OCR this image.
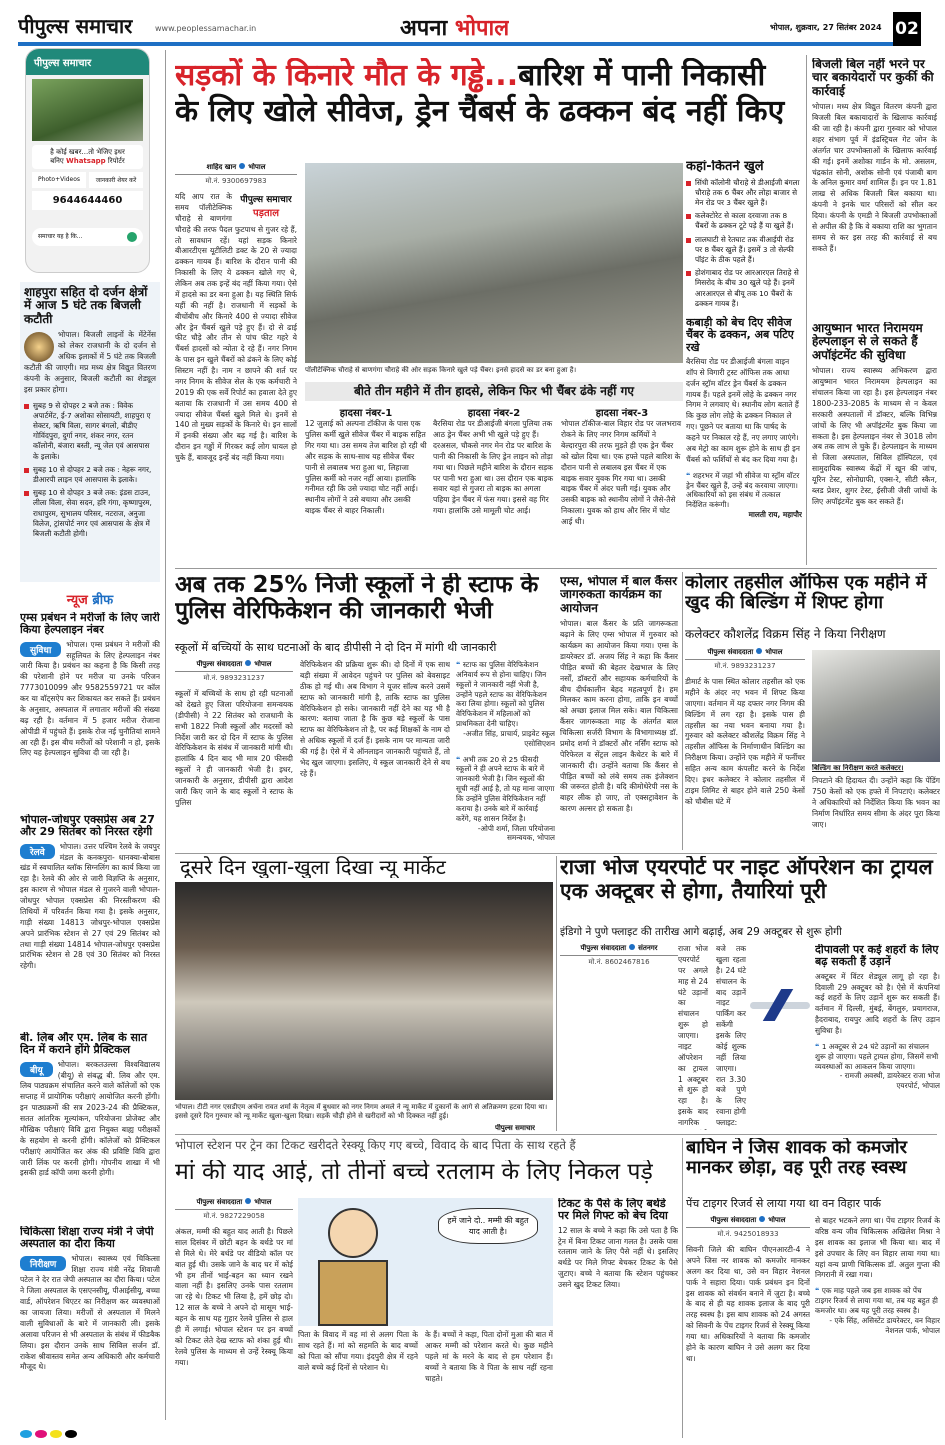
पीपुल्स समाचार	www.peoplessamachar.in	अपना भोपाल	भोपाल, शुक्रवार, 27 सितंबर 2024 02
पीपुल्स समाचार
है कोई खबर...तो भेजिए इधर
बनिए Whatsapp रिपोर्टर
Photo+Videos	जानकारी शेयर करें
9644644460
समाचार यह है कि...
शाहपुरा सहित दो दर्जन क्षेत्रों में आज 5 घंटे तक बिजली कटौती
भोपाल। बिजली लाइनों के मेंटेनेंस को लेकर राजधानी के दो दर्जन से अधिक इलाकों में 5 घंटे तक बिजली कटौती की जाएगी। मप्र मध्य क्षेत्र विद्युत वितरण कंपनी के अनुसार, बिजली कटौती का शेड्यूल इस प्रकार होगा।
सुबह 9 से दोपहर 2 बजे तक : विवेक अपार्टमेंट, ई-7 अशोका सोसायटी, शाहपुरा ए सेक्टर, ऋषि विला, सागर बंगलो, बीडीए गोविंदपुरा, दुर्गा नगर, शंकर नगर, रतन कॉलोनी, बंजारा बस्ती, न्यू जेल एवं आसपास के इलाके।
सुबह 10 से दोपहर 2 बजे तक : नेहरू नगर, डीआरपी लाइन एवं आसपास के इलाके।
सुबह 10 से दोपहर 3 बजे तक: इंडस टाउन, लीला विला, सेवा सदन, हरि गंगा, कृष्णापुरम, राधापुरम, सुभालय परिसर, नटराज, अनुजा विलेज, ट्रांसपोर्ट नगर एवं आसपास के क्षेत्र में बिजली कटौती होगी।
न्यूज ब्रीफ
एम्स प्रबंधन ने मरीजों के लिए जारी किया हेल्पलाइन नंबर
सुविधा
भोपाल। एम्स प्रबंधन ने मरीजों की सहूलियत के लिए हेल्पलाइन नंबर जारी किया है। प्रबंधन का कहना है कि किसी तरह की परेशानी होने पर मरीज या उनके परिजन 7773010099 और 9582559721 पर कॉल कर या वॉट्सऐप कर शिकायत कर सकते हैं। प्रबंधन के अनुसार, अस्पताल में लगातार मरीजों की संख्या बढ़ रही है। वर्तमान में 5 हजार मरीज रोजाना ओपीडी में पहुंचते हैं। इसके रोज नई चुनौतियां सामने आ रही हैं। इस बीच मरीजों को परेशानी न हो, इसके लिए यह हेल्पलाइन सुविधा दी जा रही है।
भोपाल-जोधपुर एक्सप्रेस अब 27 और 29 सितंबर को निरस्त रहेगी
रेलवे
भोपाल। उत्तर पश्चिम रेलवे के जयपुर मंडल के कनकपुरा- धानक्या-बोबास खंड में स्वचालित ब्लॉक सिग्नलिंग का कार्य किया जा रहा है। रेलवे की ओर से जारी विज्ञप्ति के अनुसार, इस कारण से भोपाल मंडल से गुजरने वाली भोपाल-जोधपुर भोपाल एक्सप्रेस की निरस्तीकरण की तिथियों में परिवर्तन किया गया है। इसके अनुसार, गाड़ी संख्या 14813 जोधपुर-भोपाल एक्सप्रेस अपने प्रारंभिक स्टेशन से 27 एवं 29 सितंबर को तथा गाड़ी संख्या 14814 भोपाल-जोधपुर एक्सप्रेस प्रारंभिक स्टेशन से 28 एवं 30 सितंबर को निरस्त रहेगी।
बी. लिब और एम. लिब के सात दिन में कराने होंगे प्रैक्टिकल
बीयू
भोपाल। बरकतउल्ला विश्वविद्यालय (बीयू) से संबद्ध बी. लिब और एम. लिब पाठ्यक्रम संचालित करने वाले कॉलेजों को एक सप्ताह में प्रायोगिक परीक्षाएं आयोजित करनी होंगी। इन पाठ्यक्रमों की सत्र 2023-24 की प्रैक्टिकल, सतत आंतरिक मूल्यांकन, परियोजना प्रोजेक्ट और मौखिक परीक्षाएं विवि द्वारा नियुक्त बाह्य परीक्षकों के सहयोग से करनी होंगी। कॉलेजों को प्रैक्टिकल परीक्षाएं आयोजित कर अंक की प्रविष्टि विवि द्वारा जारी लिंक पर करनी होगी। गोपनीय शाखा में भी इसकी हार्ड कॉपी जमा करनी होगी।
चिकित्सा शिक्षा राज्य मंत्री ने जेपी अस्पताल का दौरा किया
निरीक्षण
भोपाल। स्वास्थ्य एवं चिकित्सा शिक्षा राज्य मंत्री नरेंद्र शिवाजी पटेल ने देर रात जेपी अस्पताल का दौरा किया। पटेल ने जिला अस्पताल के एसएनसीयू, पीआईसीयू, बच्चा वार्ड, ऑपरेशन थिएटर का निरीक्षण कर व्यवस्थाओं का जायजा लिया। मरीजों से अस्पताल में मिलने वाली सुविधाओं के बारे में जानकारी ली। इसके अलावा परिजन से भी अस्पताल के संबंध में फीडबैक लिया। इस दौरान उनके साथ सिविल सर्जन डॉ. राकेश श्रीवास्तव समेत अन्य अधिकारी और कर्मचारी मौजूद थे।
सड़कों के किनारे मौत के गड्ढे...बारिश में पानी निकासी
के लिए खोले सीवेज, ड्रेन चैंबर्स के ढक्कन बंद नहीं किए
शाहिद खान भोपाल
मो.नं. 9300697983
पीपुल्स समाचार
पड़ताल
यदि आप रात के समय पॉलीटेक्निक चौराहे से बाणगंगा चौराहे की तरफ पैदल फुटपाथ से गुजर रहे हैं, तो सावधान रहें। यहां सड़क किनारे बीआरटीएस यूटीलिटी डक्ट के 20 से ज्यादा ढक्कन गायब हैं। बारिश के दौरान पानी की निकासी के लिए ये ढक्कन खोले गए थे, लेकिन अब तक इन्हें बंद नहीं किया गया। ऐसे में हादसे का डर बना हुआ है। यह स्थिति सिर्फ यहीं की नहीं है। राजधानी में सड़कों के बीचोंबीच और किनारे 400 से ज्यादा सीवेज और ड्रेन चैंबर्स खुले पड़े हुए हैं। दो से ढाई फीट चौड़े और तीन से पांच फीट गहरे ये चैंबर्स हादसों को न्योता दे रहे हैं। नगर निगम के पास इन खुले चैंबरों को ढंकने के लिए कोई सिस्टम नहीं है। नाम न छापने की शर्त पर नगर निगम के सीवेज सेल के एक कर्मचारी ने 2019 की एक सर्वे रिपोर्ट का हवाला देते हुए बताया कि राजधानी में उस समय 400 से ज्यादा सीवेज चैंबर्स खुले मिले थे। इनमें से 140 तो मुख्य सड़कों के किनारे थे। इन सालों में इनकी संख्या और बढ़ गई है। बारिश के दौरान इन गड्ढों में गिरकर कई लोग घायल हो चुके हैं, बावजूद इन्हें बंद नहीं किया गया।
पॉलीटेक्निक चौराहे से बाणगंगा चौराहे की ओर सड़क किनारे खुले पड़े चैंबर। इनसे हादसे का डर बना हुआ है।
बीते तीन महीने में तीन हादसे, लेकिन फिर भी चैंबर ढंके नहीं गए
हादसा नंबर-1
12 जुलाई को अल्पना टॉकीज के पास एक पुलिस कर्मी खुले सीवेज चैंबर में बाइक सहित गिर गया था। उस समय तेज बारिश हो रही थी और सड़क के साथ-साथ यह सीवेज चैंबर पानी से लबालब भरा हुआ था, लिहाजा पुलिस कर्मी को नजर नहीं आया। हालांकि गनीमत रही कि उसे ज्यादा चोट नहीं आई। स्थानीय लोगों ने उसे बचाया और उसकी बाइक चैंबर से बाहर निकाली।
हादसा नंबर-2
बैरसिया रोड पर डीआईजी बंगला पुलिया तक आठ ड्रेन चैंबर अभी भी खुले पड़े हुए हैं। दरअसल, चौकसे नगर मेन रोड पर बारिश के पानी की निकासी के लिए ड्रेन लाइन को तोड़ा गया था। पिछले महीने बारिश के दौरान सड़क पर पानी भरा हुआ था। उस दौरान एक बाइक सवार यहां से गुजरा तो बाइक का अगला पहिया ड्रेन चैंबर में फंस गया। इससे वह गिर गया। हालांकि उसे मामूली चोट आई।
हादसा नंबर-3
भोपाल टॉकीज-बाल विहार रोड पर जलभराव रोकने के लिए नगर निगम कर्मियों ने बेल्दारपुरा की तरफ मुड़ते ही एक ड्रेन चैंबर को खोल दिया था। एक हफ्ते पहले बारिश के दौरान पानी से लबालब इस चैंबर में एक बाइक सवार युवक गिर गया था। उसकी बाइक चैंबर में अंदर चली गई। युवक और उसकी बाइक को स्थानीय लोगों ने जैसे-तैसे निकाला। युवक को हाथ और सिर में चोट आई थी।
कहां-कितने खुले
सिंधी कॉलोनी चौराहे से डीआईजी बंगला चौराहे तक 6 चैंबर और लोहा बाजार से मेन रोड पर 3 चैंबर खुले हैं।
कलेक्टोरेट से काला दरवाजा तक 8 चैंबरों के ढक्कन टूटे पड़े हैं या खुले हैं।
लालघाटी से रेतघाट तक वीआईपी रोड पर 8 चैंबर खुले हैं। इसमें 3 तो सेल्फी पॉइंट के ठीक पहले हैं।
होशंगाबाद रोड पर आरआरएल तिराहे से मिसरोद के बीच 30 खुले पड़े हैं। इनमें आरआरएल से बीयू तक 10 चैंबरों के ढक्कन गायब हैं।
कबाड़ी को बेच दिए सीवेज चैंबर के ढक्कन, अब पटिए रखे
बैरसिया रोड पर डीआईजी बंगला वाइन शॉप से विगारी ट्रस्ट ऑफिस तक आधा दर्जन स्ट्रॉम वॉटर ड्रेन चैंबर्स के ढक्कन गायब हैं। पहले इनमें लोहे के ढक्कन नगर निगम ने लगवाए थे। स्थानीय लोग बताते हैं कि कुछ लोग लोहे के ढक्कन निकाल ले गए। पूछने पर बताया था कि पार्षद के कहने पर निकाल रहे हैं, नए लगाए जाएंगे। अब मेट्रो का काम शुरू होने के साथ ही इन चैंबर्स को फर्शियों से बंद कर दिया गया है।
❝ शहरभर में जहां भी सीवेज या स्ट्रॉम वॉटर ड्रेन चैंबर खुले हैं, उन्हें बंद करवाया जाएगा। अधिकारियों को इस संबंध में तत्काल निर्देशित करूंगी।
मालती राय, महापौर
बिजली बिल नहीं भरने पर चार बकायेदारों पर कुर्की की कार्रवाई
भोपाल। मध्य क्षेत्र विद्युत वितरण कंपनी द्वारा बिजली बिल बकायादारों के खिलाफ कार्रवाई की जा रही है। कंपनी द्वारा गुरुवार को भोपाल शहर संभाग पूर्व में इंडस्ट्रियल गेट जोन के अंतर्गत चार उपभोक्ताओं के खिलाफ कार्रवाई की गई। इनमें अशोका गार्डन के मो. असलम, चंद्रकांत सोनी, अशोक सोनी एवं पंजाबी बाग के अनिल कुमार वर्मा शामिल हैं। इन पर 1.81 लाख से अधिक बिजली बिल बकाया था। कंपनी ने इनके चार परिसरों को सील कर दिया। कंपनी के एमडी ने बिजली उपभोक्ताओं से अपील की है कि वे बकाया राशि का भुगतान समय से कर इस तरह की कार्रवाई से बच सकते हैं।
आयुष्मान भारत निरामयम हेल्पलाइन से ले सकते हैं अपॉइंटमेंट की सुविधा
भोपाल। राज्य स्वास्थ्य अभिकरण द्वारा आयुष्मान भारत निरामयम हेल्पलाइन का संचालन किया जा रहा है। इस हेल्पलाइन नंबर 1800-233-2085 के माध्यम से न केवल सरकारी अस्पतालों में डॉक्टर, बल्कि विभिन्न जांचों के लिए भी अपॉइंटमेंट बुक किया जा सकता है। इस हेल्पलाइन नंबर से 3018 लोग अब तक लाभ ले चुके हैं। हेल्पलाइन के माध्यम से जिला अस्पताल, सिविल हॉस्पिटल, एवं सामुदायिक स्वास्थ्य केंद्रों में खून की जांच, यूरिन टेस्ट, सोनोग्राफी, एक्स-रे, सीटी स्कैन, ब्लड प्रेशर, शुगर टेस्ट, ईसीजी जैसी जांचों के लिए अपॉइंटमेंट बुक कर सकते हैं।
अब तक 25% निजी स्कूलों ने ही स्टाफ के पुलिस वेरिफिकेशन की जानकारी भेजी
स्कूलों में बच्चियों के साथ घटनाओं के बाद डीपीसी ने दो दिन में मांगी थी जानकारी
पीपुल्स संवाददाता भोपाल
मो.नं. 9893231237
स्कूलों में बच्चियों के साथ हो रही घटनाओं को देखते हुए जिला परियोजना समन्वयक (डीपीसी) ने 22 सितंबर को राजधानी के सभी 1822 निजी स्कूलों और मदरसों को निर्देश जारी कर दो दिन में स्टाफ के पुलिस वेरिफिकेशन के संबंध में जानकारी मांगी थी। हालांकि 4 दिन बाद भी मात्र 20 फीसदी स्कूलों ने ही जानकारी भेजी है। इधर, जानकारी के अनुसार, डीपीसी द्वारा आदेश जारी किए जाने के बाद स्कूलों ने स्टाफ के पुलिस
वेरिफिकेशन की प्रक्रिया शुरू की। दो दिनों में एक साथ बड़ी संख्या में आवेदन पहुंचने पर पुलिस को बेवसाइट ठीक हो गई थी। अब विभाग ने यूजर सॉल्व करने उसमें स्टाफ को जानकारी मांगी है, ताकि स्टाफ का पुलिस वेरिफिकेशन हो सके। जानकारी नहीं देने का यह भी है कारण: बताया जाता है कि कुछ बड़े स्कूलों के पास स्टाफ का वेरिफिकेशन तो है, पर कई शिक्षकों के नाम दो से अधिक स्कूलों में दर्ज हैं। इसके नाम पर मान्यता जारी की गई है। ऐसे में ये ऑनलाइन जानकारी पहुंचाते हैं, तो भेद खुल जाएगा। इसलिए, ये स्कूल जानकारी देने से बच रहे हैं।
❝ स्टाफ का पुलिस वेरिफिकेशन अनिवार्य रूप से होना चाहिए। जिन स्कूलों ने जानकारी नहीं भेजी है, उन्होंने पहले स्टाफ का वेरिफिकेशन करा लिया होगा। स्कूलों को पुलिस वेरिफिकेशन में महिलाओं को प्राथमिकता देनी चाहिए।
-अजीत सिंह, प्राचार्य, प्राइवेट स्कूल एसोसिएशन
❝ अभी तक 20 से 25 फीसदी स्कूलों ने ही अपने स्टाफ के बारे में जानकारी भेजी है। जिन स्कूलों की सूची नहीं आई है, तो यह माना जाएगा कि उन्होंने पुलिस वेरिफिकेशन नहीं कराया है। उनके बारे में कार्रवाई करेंगे, यह शासन निर्देश है।
-ओपी शर्मा, जिला परियोजना समन्वयक, भोपाल
एम्स, भोपाल में बाल कैंसर जागरुकता कार्यक्रम का आयोजन
भोपाल। बाल कैंसर के प्रति जागरूकता बढ़ाने के लिए एम्स भोपाल में गुरुवार को कार्यक्रम का आयोजन किया गया। एम्स के डायरेक्टर डॉ. अजय सिंह ने कहा कि कैंसर पीड़ित बच्चों की बेहतर देखभाल के लिए नर्सों, डॉक्टरों और सहायक कर्मचारियों के बीच दीर्घकालीन बेहद महत्वपूर्ण है। हम मिलकर काम करना होगा, ताकि इन बच्चों को अच्छा इलाज मिल सके। बाल चिकित्सा कैंसर जागरूकता माह के अंतर्गत बाल चिकित्सा सर्जरी विभाग के विभागाध्यक्ष डॉ. प्रमोद शर्मा ने डॉक्टरों और नर्सिंग स्टाफ को पेरिफेरल व सेंट्रल लाइन कैथेटर के बारे में जानकारी दी। उन्होंने बताया कि कैंसर से पीड़ित बच्चों को लंबे समय तक इंजेक्शन की जरूरत होती है। यदि कीमोथेरेपी नस के बाहर लीक हो जाए, तो एक्सट्रावेशन के कारण अल्सर हो सकता है।
कोलार तहसील ऑफिस एक महीने में खुद की बिल्डिंग में शिफ्ट होगा
कलेक्टर कौशलेंद्र विक्रम सिंह ने किया निरीक्षण
पीपुल्स संवाददाता भोपाल
मो.नं. 9893231237
डीमार्ट के पास स्थित कोलार तहसील को एक महीने के अंदर नए भवन में शिफ्ट किया जाएगा। वर्तमान में यह दफ्तर नगर निगम की बिल्डिंग में लग रहा है। इसके पास ही तहसील का नया भवन बनाया गया है। गुरुवार को कलेक्टर कौशलेंद्र विक्रम सिंह ने तहसील ऑफिस के निर्माणाधीन बिल्डिंग का निरीक्षण किया। उन्होंने एक महीने में फर्नीचर सहित अन्य काम कंपलीट करने के निर्देश दिए। इधर कलेक्टर ने कोलार तहसील में टाइम लिमिट से बाहर होने वाले 250 केसों को चौबीस घंटे में
बिल्डिंग का निरीक्षण करते कलेक्टर।
निपटाने की हिदायत दी। उन्होंने कहा कि पेंडिंग 750 केसों को एक हफ्ते में निपटाएं। कलेक्टर ने अधिकारियों को निर्देशित किया कि भवन का निर्माण निर्धारित समय सीमा के अंदर पूरा किया जाए।
दूसरे दिन खुला-खुला दिखा न्यू मार्केट
भोपाल। टीटी नगर एसडीएम अर्चना रावत शर्मा के नेतृत्व में बुधवार को नगर निगम अमले ने न्यू मार्केट में दुकानों के आगे से अतिक्रमण हटवा दिया था। इससे दूसरे दिन गुरुवार को न्यू मार्केट खुला-खुला दिखा। सड़कें चौड़ी होने से खरीदारों को भी दिक्कत नहीं हुई।
पीपुल्स समाचार
राजा भोज एयरपोर्ट पर नाइट ऑपरेशन का ट्रायल एक अक्टूबर से होगा, तैयारियां पूरी
इंडिगो ने पुणे फ्लाइट की तारीख आगे बढ़ाई, अब 29 अक्टूबर से शुरू होगी
पीपुल्स संवाददाता संतनगर
मो.नं. 8602467816
राजा भोज एयरपोर्ट पर अगले माह से 24 घंटे उड़ानों का संचालन शुरू हो जाएगा। नाइट ऑपरेशन का ट्रायल 1 अक्टूबर से शुरू हो रहा है। इसके बाद नागरिक बजे तक खुला रहता है। 24 घंटे संचालन के बाद उड़ानें नाइट पार्किंग कर सकेंगी इसके लिए कोई शुल्क नहीं लिया जाएगा। रात 3.30 बजे पुणे के लिए रवाना होगी फ्लाइट:
दीपावली पर कई शहरों के लिए बढ़ सकती हैं उड़ानें
अक्टूबर में विंटर शेड्यूल लागू हो रहा है। दिवाली 29 अक्टूबर को है। ऐसे में कंपनियां कई शहरों के लिए उड़ानें शुरू कर सकती हैं। वर्तमान में दिल्ली, मुंबई, बेंगलुरु, प्रयागराज, हैदराबाद, रायपुर आदि शहरों के लिए उड़ान सुविधा है।
❝ 1 अक्टूबर से 24 घंटे उड़ानों का संचालन शुरू हो जाएगा। पहले ट्रायल होगा, जिसमें सभी व्यवस्थाओं का आकलन किया जाएगा।
- रामजी अवस्थी, डायरेक्टर राजा भोज एयरपोर्ट, भोपाल
भोपाल स्टेशन पर ट्रेन का टिकट खरीदते रेस्क्यू किए गए बच्चे, विवाद के बाद पिता के साथ रहते हैं
मां की याद आई, तो तीनों बच्चे रतलाम के लिए निकल पड़े
पीपुल्स संवाददाता भोपाल
मो.नं. 9827229058
अंकल, मम्मी की बहुत याद आती है। पिछले साल दिसंबर में छोटी बहन के बर्थडे पर मां से मिले थे। मेरे बर्थडे पर वीडियो कॉल पर बात हुई थी। उसके जाने के बाद घर में कोई भी हम तीनों भाई-बहन का ध्यान रखने वाला नहीं है। इसलिए उनके पास रतलाम जा रहे थे। टिकट भी लिया है, हमें छोड़ दो। 12 साल के बच्चे ने अपने दो मासूम भाई-बहन के साथ यह गुहार रेलवे पुलिस से हाल ही में लगाई। भोपाल स्टेशन पर इन बच्चों को टिकट लेते देख स्टाफ को शंका हुई थी। रेलवे पुलिस के माध्यम से उन्हें रेस्क्यू किया गया।
हमें जाने दो.. मम्मी की बहुत याद आती है।
पिता के विवाद में वह मां से अलग पिता के साथ रहते हैं। मां को सहमति के बाद बच्चों को पिता को सौंपा गया। इंदपुरी क्षेत्र में रहने वाले बच्चे कई दिनों से परेशान थे।
के हैं। बच्चों ने कहा, पिता दोनों मुआ की बात में आकर मम्मी को परेशान करते थे। कुछ महीने पहले मां के मरने के बाद से हम परेशान हैं। बच्चों ने बताया कि वे पिता के साथ नहीं रहना चाहते।
टिकट के पैसे के लिए बर्थडे पर मिले गिफ्ट को बेच दिया
12 साल के बच्चे ने कहा कि उसे पता है कि ट्रेन में बिना टिकट जाना गलत है। उसके पास रतलाम जाने के लिए पैसे नहीं थे। इसलिए बर्थडे पर मिले गिफ्ट बेचकर टिकट के पैसे जुटाए। बच्चे ने बताया कि स्टेशन पहुंचकर उसने खुद टिकट लिया।
बाघिन ने जिस शावक को कमजोर मानकर छोड़ा, वह पूरी तरह स्वस्थ
पेंच टाइगर रिजर्व से लाया गया था वन विहार पार्क
पीपुल्स संवाददाता भोपाल
मो.नं. 9425018933
सिवनी जिले की बाघिन पीएनआरटी-4 ने अपने जिस नर शावक को कमजोर मानकर अलग कर दिया था, उसे वन विहार नेशनल पार्क ने सहारा दिया। पार्क प्रबंधन इन दिनों इस शावक को संवर्धन बनाने में जुटा है। बच्चे के बाद से ही यह शावक इलाज के बाद पूरी तरह स्वस्थ है। इस बाघ शावक को 24 अगस्त को सिवनी के पेंच टाइगर रिजर्व से रेस्क्यू किया गया था। अधिकारियों ने बताया कि कमजोर होने के कारण बाघिन ने उसे अलग कर दिया था।
से बाहर भटकने लगा था। पेंच टाइगर रिजर्व के वरिष्ठ वन्य जीव चिकित्सक अखिलेश मिश्रा ने इस शावक का इलाज भी किया था। बाद में इसे उपचार के लिए वन विहार लाया गया था। यहां वन्य प्राणी चिकित्सक डॉ. अतुल गुप्ता की निगरानी में रखा गया।
❝ एक माह पहले जब इस शावक को पेंच टाइगर रिजर्व से लाया गया था, तब यह बहुत ही कमजोर था। अब यह पूरी तरह स्वस्थ है।
- एके सिंह, असिस्टेंट डायरेक्टर, वन विहार नेशनल पार्क, भोपाल
